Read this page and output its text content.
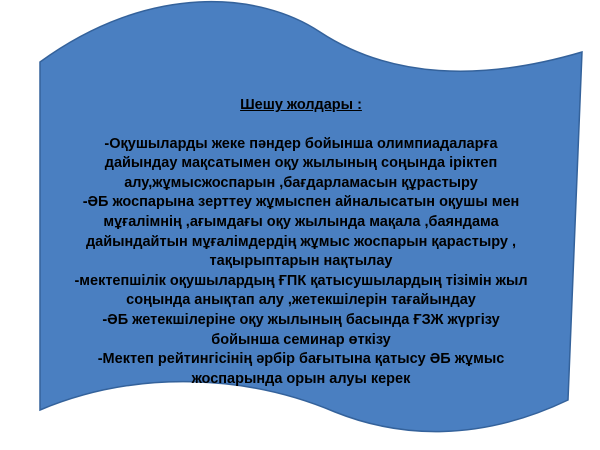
Шешу жолдары :

-Оқушыларды жеке пәндер бойынша олимпиадаларға
дайындау мақсатымен оқу жылының соңында іріктеп
алу,жұмысжоспарын ,бағдарламасын құрастыру

-ӘБ жоспарына зерттеу жұмыспен айналысатын оқушы мен
мұғалімнің ,ағымдағы оқу жылында мақала ,баяндама
дайындайтын мұғалімдердің жұмыс жоспарын қарастыру ,
тақырыптарын нақтылау

-мектепшілік оқушылардың ҒПК қатысушылардың тізімін жыл
соңында анықтап алу ,жетекшілерін тағайындау

-ӘБ жетекшілеріне оқу жылының басында ҒЗЖ жүргізу
бойынша семинар өткізу

-Мектеп рейтингісінің әрбір бағытына қатысу ӘБ жұмыс
жоспарында орын алуы керек
